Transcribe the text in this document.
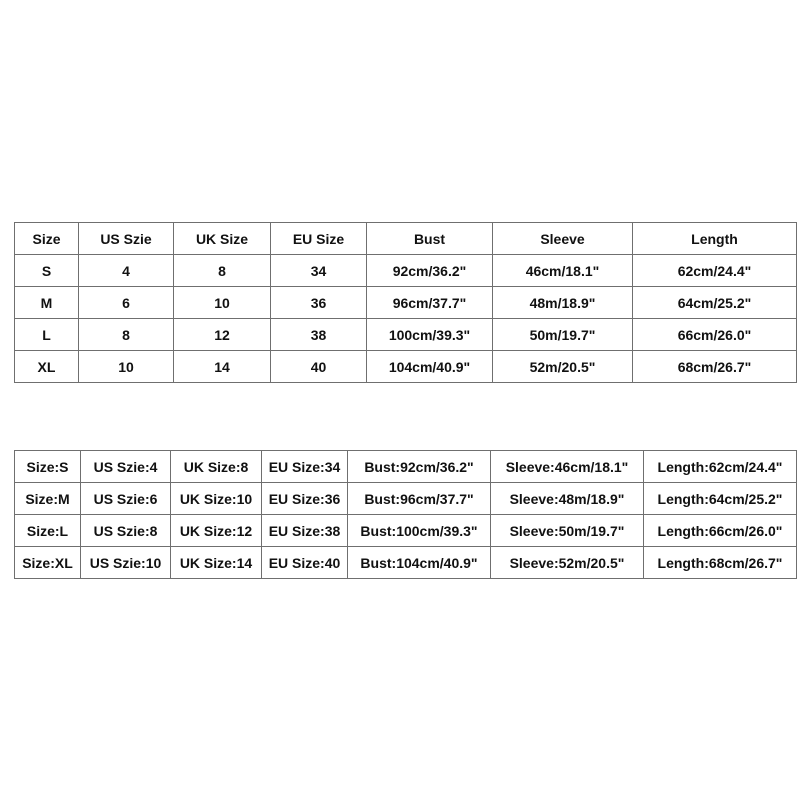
Size	US Szie	UK Size	EU Size	Bust	Sleeve	Length
S	4	8	34	92cm/36.2"	46cm/18.1"	62cm/24.4"
M	6	10	36	96cm/37.7"	48m/18.9"	64cm/25.2"
L	8	12	38	100cm/39.3"	50m/19.7"	66cm/26.0"
XL	10	14	40	104cm/40.9"	52m/20.5"	68cm/26.7"
Size:S	US Szie:4	UK Size:8	EU Size:34	Bust:92cm/36.2"	Sleeve:46cm/18.1"	Length:62cm/24.4"
Size:M	US Szie:6	UK Size:10	EU Size:36	Bust:96cm/37.7"	Sleeve:48m/18.9"	Length:64cm/25.2"
Size:L	US Szie:8	UK Size:12	EU Size:38	Bust:100cm/39.3"	Sleeve:50m/19.7"	Length:66cm/26.0"
Size:XL	US Szie:10	UK Size:14	EU Size:40	Bust:104cm/40.9"	Sleeve:52m/20.5"	Length:68cm/26.7"
